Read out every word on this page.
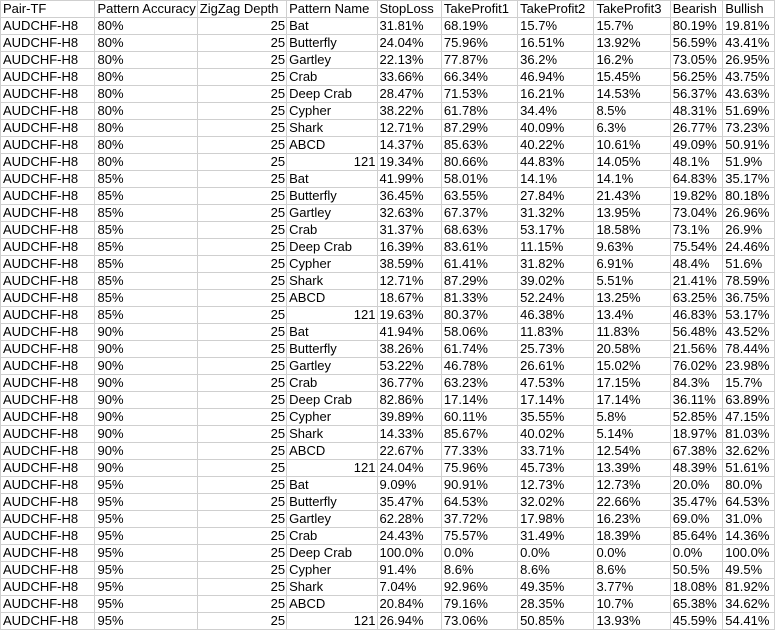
Pair-TF	Pattern Accuracy	ZigZag Depth	Pattern Name	StopLoss	TakeProfit1	TakeProfit2	TakeProfit3	Bearish	Bullish
AUDCHF-H8	80%	25	Bat	31.81%	68.19%	15.7%	15.7%	80.19%	19.81%
AUDCHF-H8	80%	25	Butterfly	24.04%	75.96%	16.51%	13.92%	56.59%	43.41%
AUDCHF-H8	80%	25	Gartley	22.13%	77.87%	36.2%	16.2%	73.05%	26.95%
AUDCHF-H8	80%	25	Crab	33.66%	66.34%	46.94%	15.45%	56.25%	43.75%
AUDCHF-H8	80%	25	Deep Crab	28.47%	71.53%	16.21%	14.53%	56.37%	43.63%
AUDCHF-H8	80%	25	Cypher	38.22%	61.78%	34.4%	8.5%	48.31%	51.69%
AUDCHF-H8	80%	25	Shark	12.71%	87.29%	40.09%	6.3%	26.77%	73.23%
AUDCHF-H8	80%	25	ABCD	14.37%	85.63%	40.22%	10.61%	49.09%	50.91%
AUDCHF-H8	80%	25	121	19.34%	80.66%	44.83%	14.05%	48.1%	51.9%
AUDCHF-H8	85%	25	Bat	41.99%	58.01%	14.1%	14.1%	64.83%	35.17%
AUDCHF-H8	85%	25	Butterfly	36.45%	63.55%	27.84%	21.43%	19.82%	80.18%
AUDCHF-H8	85%	25	Gartley	32.63%	67.37%	31.32%	13.95%	73.04%	26.96%
AUDCHF-H8	85%	25	Crab	31.37%	68.63%	53.17%	18.58%	73.1%	26.9%
AUDCHF-H8	85%	25	Deep Crab	16.39%	83.61%	11.15%	9.63%	75.54%	24.46%
AUDCHF-H8	85%	25	Cypher	38.59%	61.41%	31.82%	6.91%	48.4%	51.6%
AUDCHF-H8	85%	25	Shark	12.71%	87.29%	39.02%	5.51%	21.41%	78.59%
AUDCHF-H8	85%	25	ABCD	18.67%	81.33%	52.24%	13.25%	63.25%	36.75%
AUDCHF-H8	85%	25	121	19.63%	80.37%	46.38%	13.4%	46.83%	53.17%
AUDCHF-H8	90%	25	Bat	41.94%	58.06%	11.83%	11.83%	56.48%	43.52%
AUDCHF-H8	90%	25	Butterfly	38.26%	61.74%	25.73%	20.58%	21.56%	78.44%
AUDCHF-H8	90%	25	Gartley	53.22%	46.78%	26.61%	15.02%	76.02%	23.98%
AUDCHF-H8	90%	25	Crab	36.77%	63.23%	47.53%	17.15%	84.3%	15.7%
AUDCHF-H8	90%	25	Deep Crab	82.86%	17.14%	17.14%	17.14%	36.11%	63.89%
AUDCHF-H8	90%	25	Cypher	39.89%	60.11%	35.55%	5.8%	52.85%	47.15%
AUDCHF-H8	90%	25	Shark	14.33%	85.67%	40.02%	5.14%	18.97%	81.03%
AUDCHF-H8	90%	25	ABCD	22.67%	77.33%	33.71%	12.54%	67.38%	32.62%
AUDCHF-H8	90%	25	121	24.04%	75.96%	45.73%	13.39%	48.39%	51.61%
AUDCHF-H8	95%	25	Bat	9.09%	90.91%	12.73%	12.73%	20.0%	80.0%
AUDCHF-H8	95%	25	Butterfly	35.47%	64.53%	32.02%	22.66%	35.47%	64.53%
AUDCHF-H8	95%	25	Gartley	62.28%	37.72%	17.98%	16.23%	69.0%	31.0%
AUDCHF-H8	95%	25	Crab	24.43%	75.57%	31.49%	18.39%	85.64%	14.36%
AUDCHF-H8	95%	25	Deep Crab	100.0%	0.0%	0.0%	0.0%	0.0%	100.0%
AUDCHF-H8	95%	25	Cypher	91.4%	8.6%	8.6%	8.6%	50.5%	49.5%
AUDCHF-H8	95%	25	Shark	7.04%	92.96%	49.35%	3.77%	18.08%	81.92%
AUDCHF-H8	95%	25	ABCD	20.84%	79.16%	28.35%	10.7%	65.38%	34.62%
AUDCHF-H8	95%	25	121	26.94%	73.06%	50.85%	13.93%	45.59%	54.41%
